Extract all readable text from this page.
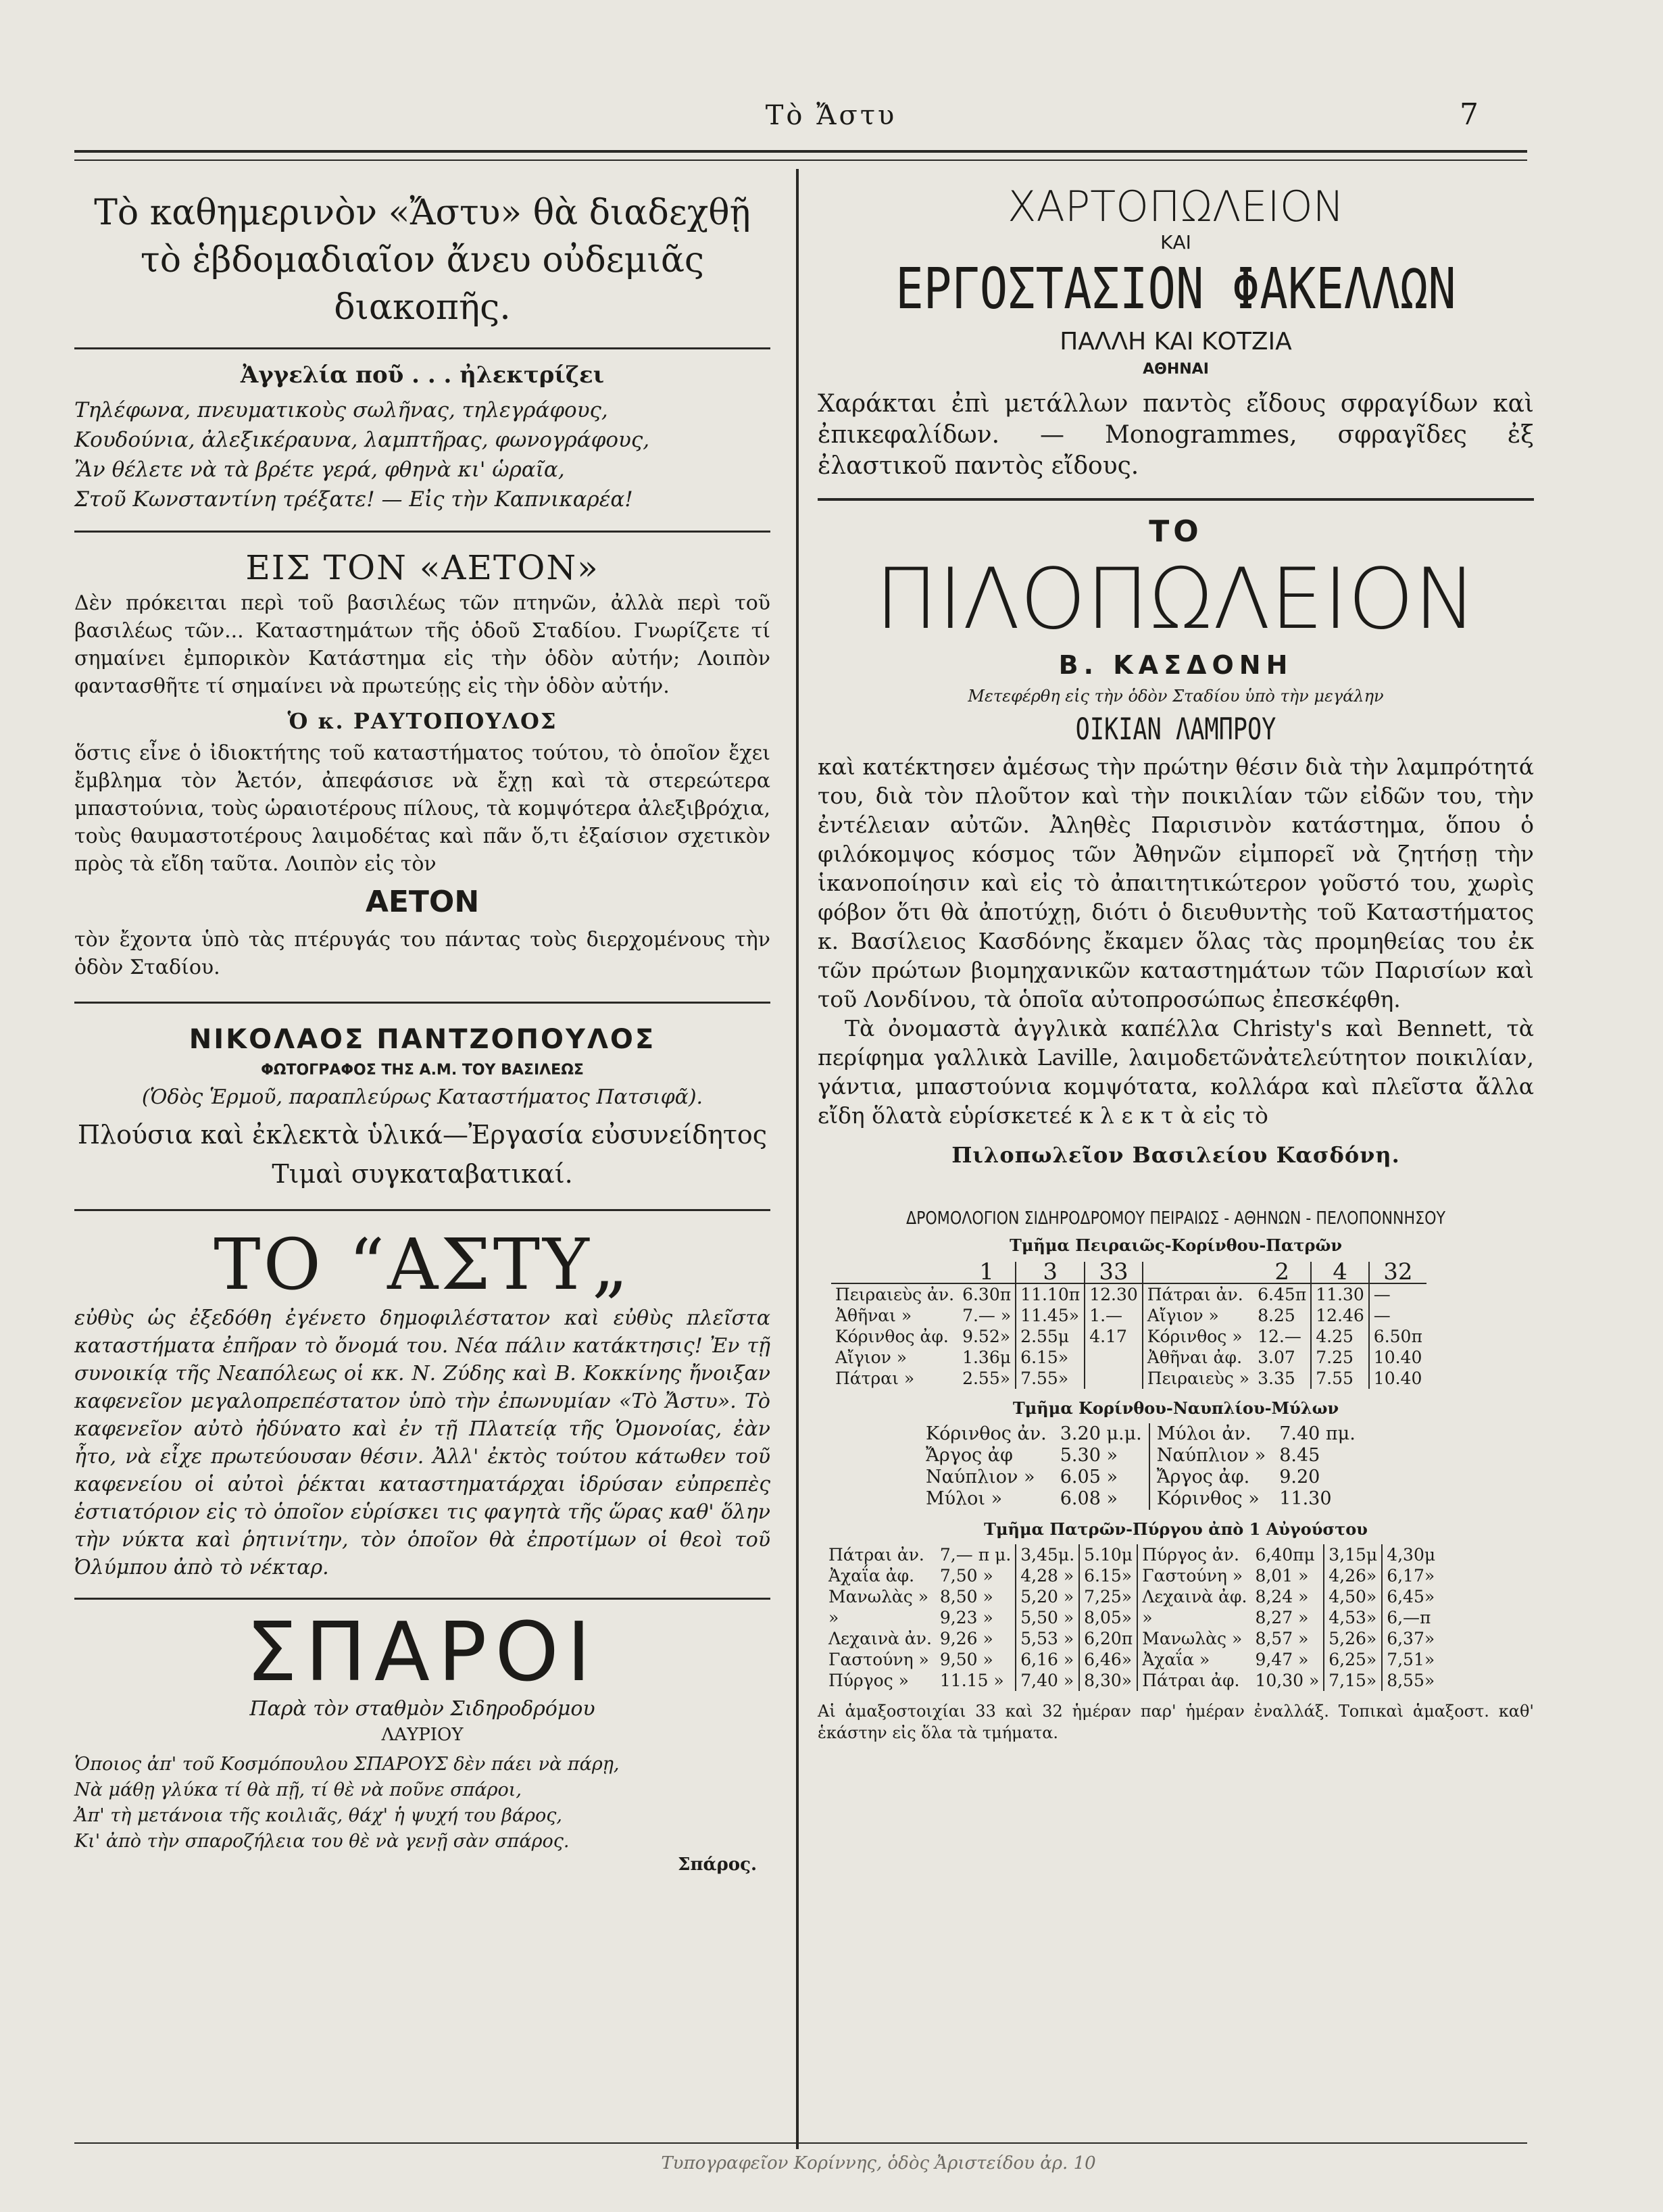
Τὸ Ἄστυ	7
Τὸ καθημερινὸν «Ἄστυ» θὰ διαδεχθῇ τὸ ἑβδομαδιαῖον ἄνευ οὐδεμιᾶς διακοπῆς.
Ἀγγελία ποῦ . . . ἠλεκτρίζει
Τηλέφωνα, πνευματικοὺς σωλῆνας, τηλεγράφους,
Κουδούνια, ἀλεξικέραυνα, λαμπτῆρας, φωνογράφους,
Ἂν θέλετε νὰ τὰ βρέτε γερά, φθηνὰ κι' ὡραῖα,
Στοῦ Κωνσταντίνη τρέξατε! — Εἰς τὴν Καπνικαρέα!
ΕΙΣ ΤΟΝ «ΑΕΤΟΝ»

Δὲν πρόκειται περὶ τοῦ βασιλέως τῶν πτηνῶν, ἀλλὰ περὶ τοῦ βασιλέως τῶν... Καταστημάτων τῆς ὁδοῦ Σταδίου. Γνωρίζετε τί σημαίνει ἐμπορικὸν Κατάστημα εἰς τὴν ὁδὸν αὐτήν; Λοιπὸν φαντασθῆτε τί σημαίνει νὰ πρωτεύῃς εἰς τὴν ὁδὸν αὐτήν.

Ὁ κ. ΡΑΥΤΟΠΟΥΛΟΣ

ὅστις εἶνε ὁ ἰδιοκτήτης τοῦ καταστήματος τούτου, τὸ ὁποῖον ἔχει ἔμβλημα τὸν Ἀετόν, ἀπεφάσισε νὰ ἔχῃ καὶ τὰ στερεώτερα μπαστούνια, τοὺς ὡραιοτέρους πίλους, τὰ κομψότερα ἀλεξιβρόχια, τοὺς θαυμαστοτέρους λαιμοδέτας καὶ πᾶν ὅ,τι ἐξαίσιον σχετικὸν πρὸς τὰ εἴδη ταῦτα. Λοιπὸν εἰς τὸν

ΑΕΤΟΝ

τὸν ἔχοντα ὑπὸ τὰς πτέρυγάς του πάντας τοὺς διερχομένους τὴν ὁδὸν Σταδίου.

ΝΙΚΟΛΑΟΣ ΠΑΝΤΖΟΠΟΥΛΟΣ
ΦΩΤΟΓΡΑΦΟΣ ΤΗΣ Α.Μ. ΤΟΥ ΒΑΣΙΛΕΩΣ
(Ὁδὸς Ἑρμοῦ, παραπλεύρως Καταστήματος Πατσιφᾶ).
Πλούσια καὶ ἐκλεκτὰ ὑλικά—Ἐργασία εὐσυνείδητος
Τιμαὶ συγκαταβατικαί.
ΤΟ “ΑΣΤΥ„

εὐθὺς ὡς ἐξεδόθη ἐγένετο δημοφιλέστατον καὶ εὐθὺς πλεῖστα καταστήματα ἐπῆραν τὸ ὄνομά του. Νέα πάλιν κατάκτησις! Ἐν τῇ συνοικίᾳ τῆς Νεαπόλεως οἱ κκ. Ν. Ζύδης καὶ Β. Κοκκίνης ἤνοιξαν καφενεῖον μεγαλοπρεπέστατον ὑπὸ τὴν ἐπωνυμίαν «Τὸ Ἄστυ». Τὸ καφενεῖον αὐτὸ ἠδύνατο καὶ ἐν τῇ Πλατείᾳ τῆς Ὁμονοίας, ἐὰν ἦτο, νὰ εἶχε πρωτεύουσαν θέσιν. Ἀλλ' ἐκτὸς τούτου κάτωθεν τοῦ καφενείου οἱ αὐτοὶ ῥέκται καταστηματάρχαι ἱδρύσαν εὐπρεπὲς ἑστιατόριον εἰς τὸ ὁποῖον εὑρίσκει τις φαγητὰ τῆς ὥρας καθ' ὅλην τὴν νύκτα καὶ ῥητινίτην, τὸν ὁποῖον θὰ ἐπροτίμων οἱ θεοὶ τοῦ Ὀλύμπου ἀπὸ τὸ νέκταρ.

ΣΠΑΡΟΙ
Παρὰ τὸν σταθμὸν Σιδηροδρόμου
ΛΑΥΡΙΟΥ
Ὁποιος ἀπ' τοῦ Κοσμόπουλου ΣΠΑΡΟΥΣ δὲν πάει νὰ πάρῃ,
Νὰ μάθῃ γλύκα τί θὰ πῇ, τί θὲ νὰ ποῦνε σπάροι,
Ἀπ' τὴ μετάνοια τῆς κοιλιᾶς, θάχ' ἡ ψυχή του βάρος,
Κι' ἀπὸ τὴν σπαροζήλεια του θὲ νὰ γενῇ σὰν σπάρος.
Σπάρος.
ΧΑΡΤΟΠΩΛΕΙΟΝ
ΚΑΙ
ΕΡΓΟΣΤΑΣΙΟΝ ΦΑΚΕΛΛΩΝ
ΠΑΛΛΗ ΚΑΙ ΚΟΤΖΙΑ
ΑΘΗΝΑΙ

Χαράκται ἐπὶ μετάλλων παντὸς εἴδους σφραγίδων καὶ ἐπικεφαλίδων. — Monogrammes, σφραγῖδες ἐξ ἐλαστικοῦ παντὸς εἴδους.

ΤΟ
ΠΙΛΟΠΩΛΕΙΟΝ
Β. ΚΑΣΔΟΝΗ
Μετεφέρθη εἰς τὴν ὁδὸν Σταδίου ὑπὸ τὴν μεγάλην
ΟΙΚΙΑΝ ΛΑΜΠΡΟΥ

καὶ κατέκτησεν ἀμέσως τὴν πρώτην θέσιν διὰ τὴν λαμπρότητά του, διὰ τὸν πλοῦτον καὶ τὴν ποικιλίαν τῶν εἰδῶν του, τὴν ἐντέλειαν αὐτῶν. Ἀληθὲς Παρισινὸν κατάστημα, ὅπου ὁ φιλόκομψος κόσμος τῶν Ἀθηνῶν εἰμπορεῖ νὰ ζητήσῃ τὴν ἱκανοποίησιν καὶ εἰς τὸ ἀπαιτητικώτερον γοῦστό του, χωρὶς φόβον ὅτι θὰ ἀποτύχῃ, διότι ὁ διευθυντὴς τοῦ Καταστήματος κ. Βασίλειος Κασδόνης ἔκαμεν ὅλας τὰς προμηθείας του ἐκ τῶν πρώτων βιομηχανικῶν καταστημάτων τῶν Παρισίων καὶ τοῦ Λονδίνου, τὰ ὁποῖα αὐτοπροσώπως ἐπεσκέφθη.

Τὰ ὀνομαστὰ ἀγγλικὰ καπέλλα Christy's καὶ Bennett, τὰ περίφημα γαλλικὰ Laville, λαιμοδετῶνἀτελεύτητον ποικιλίαν, γάντια, μπαστούνια κομψότατα, κολλάρα καὶ πλεῖστα ἄλλα εἴδη ὅλατὰ εὑρίσκετεέ κ λ ε κ τ ὰ εἰς τὸ

Πιλοπωλεῖον Βασιλείου Κασδόνη.
ΔΡΟΜΟΛΟΓΙΟΝ ΣΙΔΗΡΟΔΡΟΜΟΥ ΠΕΙΡΑΙΩΣ - ΑΘΗΝΩΝ - ΠΕΛΟΠΟΝΝΗΣΟΥ
Τμῆμα Πειραιῶς-Κορίνθου-Πατρῶν
	1	3	33		2	4	32
Πειραιεὺς ἀν.	6.30π	11.10π	12.30	Πάτραι ἀν.	6.45π	11.30	—
Ἀθῆναι »	7.— »	11.45»	1.—	Αἴγιον »	8.25	12.46	—
Κόρινθος ἀφ.	9.52»	2.55μ	4.17	Κόρινθος »	12.—	4.25	6.50π
Αἴγιον »	1.36μ	6.15»		Ἀθῆναι ἀφ.	3.07	7.25	10.40
Πάτραι »	2.55»	7.55»		Πειραιεὺς »	3.35	7.55	10.40
Τμῆμα Κορίνθου-Ναυπλίου-Μύλων
Κόρινθος ἀν.	3.20 μ.μ.	Μύλοι ἀν.	7.40 πμ.
Ἄργος ἀφ	5.30 »	Ναύπλιον »	8.45
Ναύπλιον »	6.05 »	Ἄργος ἀφ.	9.20
Μύλοι »	6.08 »	Κόρινθος »	11.30
Τμῆμα Πατρῶν-Πύργου ἀπὸ 1 Αὐγούστου
Πάτραι ἀν.	7,— π μ.	3,45μ.	5.10μ	Πύργος ἀν.	6,40πμ	3,15μ	4,30μ
Ἀχαΐα ἀφ.	7,50 »	4,28 »	6.15»	Γαστούνη »	8,01 »	4,26»	6,17»
Μανωλὰς »	8,50 »	5,20 »	7,25»	Λεχαινὰ ἀφ.	8,24 »	4,50»	6,45»
»	9,23 »	5,50 »	8,05»	»	8,27 »	4,53»	6,—π
Λεχαινὰ ἀν.	9,26 »	5,53 »	6,20π	Μανωλὰς »	8,57 »	5,26»	6,37»
Γαστούνη »	9,50 »	6,16 »	6,46»	Ἀχαΐα »	9,47 »	6,25»	7,51»
Πύργος »	11.15 »	7,40 »	8,30»	Πάτραι ἀφ.	10,30 »	7,15»	8,55»

Αἱ ἁμαξοστοιχίαι 33 καὶ 32 ἡμέραν παρ' ἡμέραν ἐναλλάξ. Τοπικαὶ ἁμαξοστ. καθ' ἑκάστην εἰς ὅλα τὰ τμήματα.

Τυπογραφεῖον Κορίννης, ὁδὸς Ἀριστείδου ἀρ. 10
